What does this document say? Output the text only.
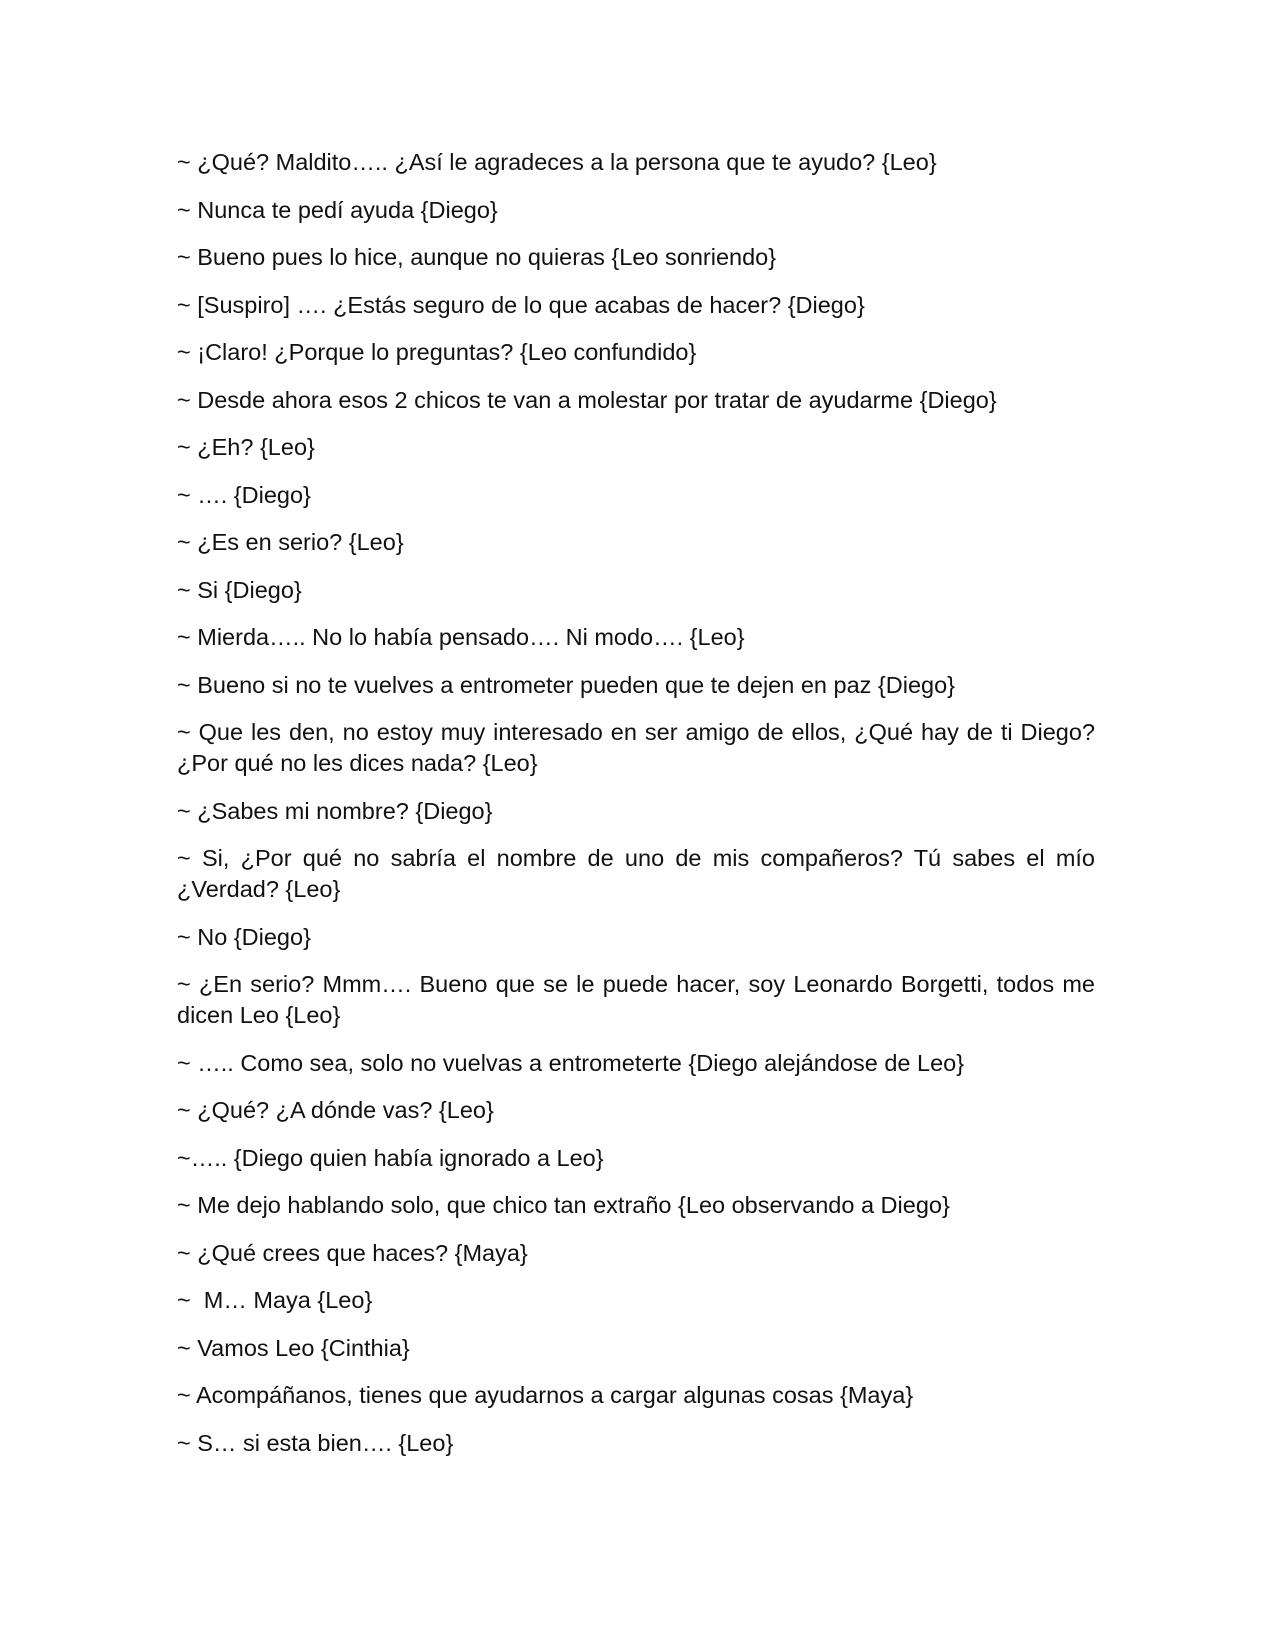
~ ¿Qué? Maldito….. ¿Así le agradeces a la persona que te ayudo? {Leo}

~ Nunca te pedí ayuda {Diego}

~ Bueno pues lo hice, aunque no quieras {Leo sonriendo}

~ [Suspiro] …. ¿Estás seguro de lo que acabas de hacer? {Diego}

~ ¡Claro! ¿Porque lo preguntas? {Leo confundido}

~ Desde ahora esos 2 chicos te van a molestar por tratar de ayudarme {Diego}

~ ¿Eh? {Leo}

~ …. {Diego}

~ ¿Es en serio? {Leo}

~ Si {Diego}

~ Mierda….. No lo había pensado…. Ni modo…. {Leo}

~ Bueno si no te vuelves a entrometer pueden que te dejen en paz {Diego}

~ Que les den, no estoy muy interesado en ser amigo de ellos, ¿Qué hay de ti Diego? ¿Por qué no les dices nada? {Leo}

~ ¿Sabes mi nombre? {Diego}

~ Si, ¿Por qué no sabría el nombre de uno de mis compañeros? Tú sabes el mío ¿Verdad? {Leo}

~ No {Diego}

~ ¿En serio? Mmm…. Bueno que se le puede hacer, soy Leonardo Borgetti, todos me dicen Leo {Leo}

~ ….. Como sea, solo no vuelvas a entrometerte {Diego alejándose de Leo}

~ ¿Qué? ¿A dónde vas? {Leo}

~….. {Diego quien había ignorado a Leo}

~ Me dejo hablando solo, que chico tan extraño {Leo observando a Diego}

~ ¿Qué crees que haces? {Maya}

~  M… Maya {Leo}

~ Vamos Leo {Cinthia}

~ Acompáñanos, tienes que ayudarnos a cargar algunas cosas {Maya}

~ S… si esta bien…. {Leo}
